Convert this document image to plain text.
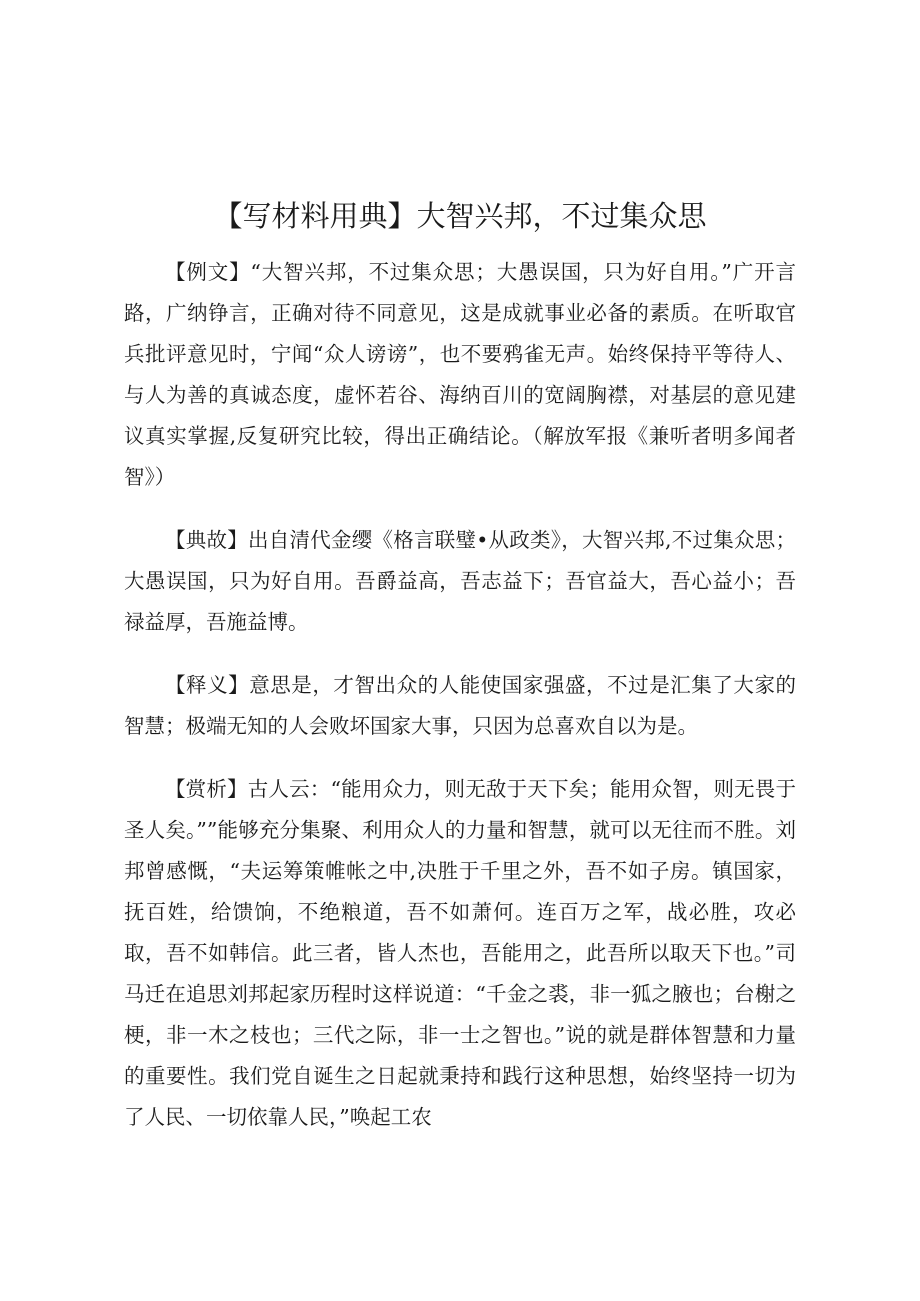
【写材料用典】大智兴邦，不过集众思

【例文】“大智兴邦，不过集众思；大愚误国，只为好自用。”广开言路，广纳铮言，正确对待不同意见，这是成就事业必备的素质。在听取官兵批评意见时，宁闻“众人谤谤”，也不要鸦雀无声。始终保持平等待人、与人为善的真诚态度，虚怀若谷、海纳百川的宽阔胸襟，对基层的意见建议真实掌握,反复研究比较，得出正确结论。（解放军报《兼听者明多闻者智》）

【典故】出自清代金缨《格言联璧•从政类》，大智兴邦,不过集众思；大愚误国，只为好自用。吾爵益高，吾志益下；吾官益大，吾心益小；吾禄益厚，吾施益博。

【释义】意思是，才智出众的人能使国家强盛，不过是汇集了大家的智慧；极端无知的人会败坏国家大事，只因为总喜欢自以为是。

【赏析】古人云：“能用众力，则无敌于天下矣；能用众智，则无畏于圣人矣。””能够充分集聚、利用众人的力量和智慧，就可以无往而不胜。刘邦曾感慨，“夫运筹策帷帐之中,决胜于千里之外，吾不如子房。镇国家，抚百姓，给馈饷，不绝粮道，吾不如萧何。连百万之军，战必胜，攻必取，吾不如韩信。此三者，皆人杰也，吾能用之，此吾所以取天下也。”司马迁在追思刘邦起家历程时这样说道：“千金之裘，非一狐之腋也；台榭之梗，非一木之枝也；三代之际，非一士之智也。”说的就是群体智慧和力量的重要性。我们党自诞生之日起就秉持和践行这种思想，始终坚持一切为了人民、一切依靠人民，”唤起工农
